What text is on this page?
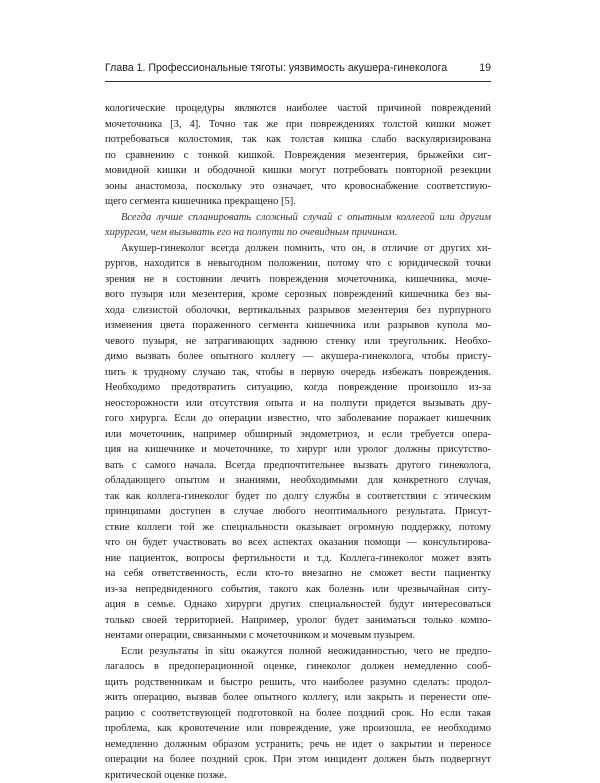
Глава 1. Профессиональные тяготы: уязвимость акушера-гинеколога	19

кологические процедуры являются наиболее частой причиной повреждений
мочеточника [3, 4]. Точно так же при повреждениях толстой кишки может
потребоваться колостомия, так как толстая кишка слабо васкуляризирована
по сравнению с тонкой кишкой. Повреждения мезентерия, брыжейки сиг-
мовидной кишки и ободочной кишки могут потребовать повторной резекции
зоны анастомоза, поскольку это означает, что кровоснабжение соответствую-
щего сегмента кишечника прекращено [5].

Всегда лучше спланировать сложный случай с опытным коллегой или другим
хирургом, чем вызывать его на полпути по очевидным причинам.

Акушер-гинеколог всегда должен помнить, что он, в отличие от других хи-
рургов, находится в невыгодном положении, потому что с юридической точки
зрения не в состоянии лечить повреждения мочеточника, кишечника, моче-
вого пузыря или мезентерия, кроме серозных повреждений кишечника без вы-
хода слизистой оболочки, вертикальных разрывов мезентерия без пурпурного
изменения цвета пораженного сегмента кишечника или разрывов купола мо-
чевого пузыря, не затрагивающих заднюю стенку или треугольник. Необхо-
димо вызвать более опытного коллегу — акушера-гинеколога, чтобы присту-
пить к трудному случаю так, чтобы в первую очередь избежать повреждения.
Необходимо предотвратить ситуацию, когда повреждение произошло из-за
неосторожности или отсутствия опыта и на полпути придется вызывать дру-
гого хирурга. Если до операции известно, что заболевание поражает кишечник
или мочеточник, например обширный эндометриоз, и если требуется опера-
ция на кишечнике и мочеточнике, то хирург или уролог должны присутство-
вать с самого начала. Всегда предпочтительнее вызвать другого гинеколога,
обладающего опытом и знаниями, необходимыми для конкретного случая,
так как коллега-гинеколог будет по долгу службы в соответствии с этическим
принципами доступен в случае любого неоптимального результата. Присут-
ствие коллеги той же специальности оказывает огромную поддержку, потому
что он будет участвовать во всех аспектах оказания помощи — консультирова-
ние пациенток, вопросы фертильности и т.д. Коллега-гинеколог может взять
на себя ответственность, если кто-то внезапно не сможет вести пациентку
из-за непредвиденного события, такого как болезнь или чрезвычайная ситу-
ация в семье. Однако хирурги других специальностей будут интересоваться
только своей территорией. Например, уролог будет заниматься только компо-
нентами операции, связанными с мочеточником и мочевым пузырем.

Если результаты in situ окажутся полной неожиданностью, чего не предпо-
лагалось в предоперационной оценке, гинеколог должен немедленно сооб-
щить родственникам и быстро решить, что наиболее разумно сделать: продол-
жить операцию, вызвав более опытного коллегу, или закрыть и перенести опе-
рацию с соответствующей подготовкой на более поздний срок. Но если такая
проблема, как кровотечение или повреждение, уже произошла, ее необходимо
немедленно должным образом устранить; речь не идет о закрытии и переносе
операции на более поздний срок. При этом инцидент должен быть подвергнут
критической оценке позже.
